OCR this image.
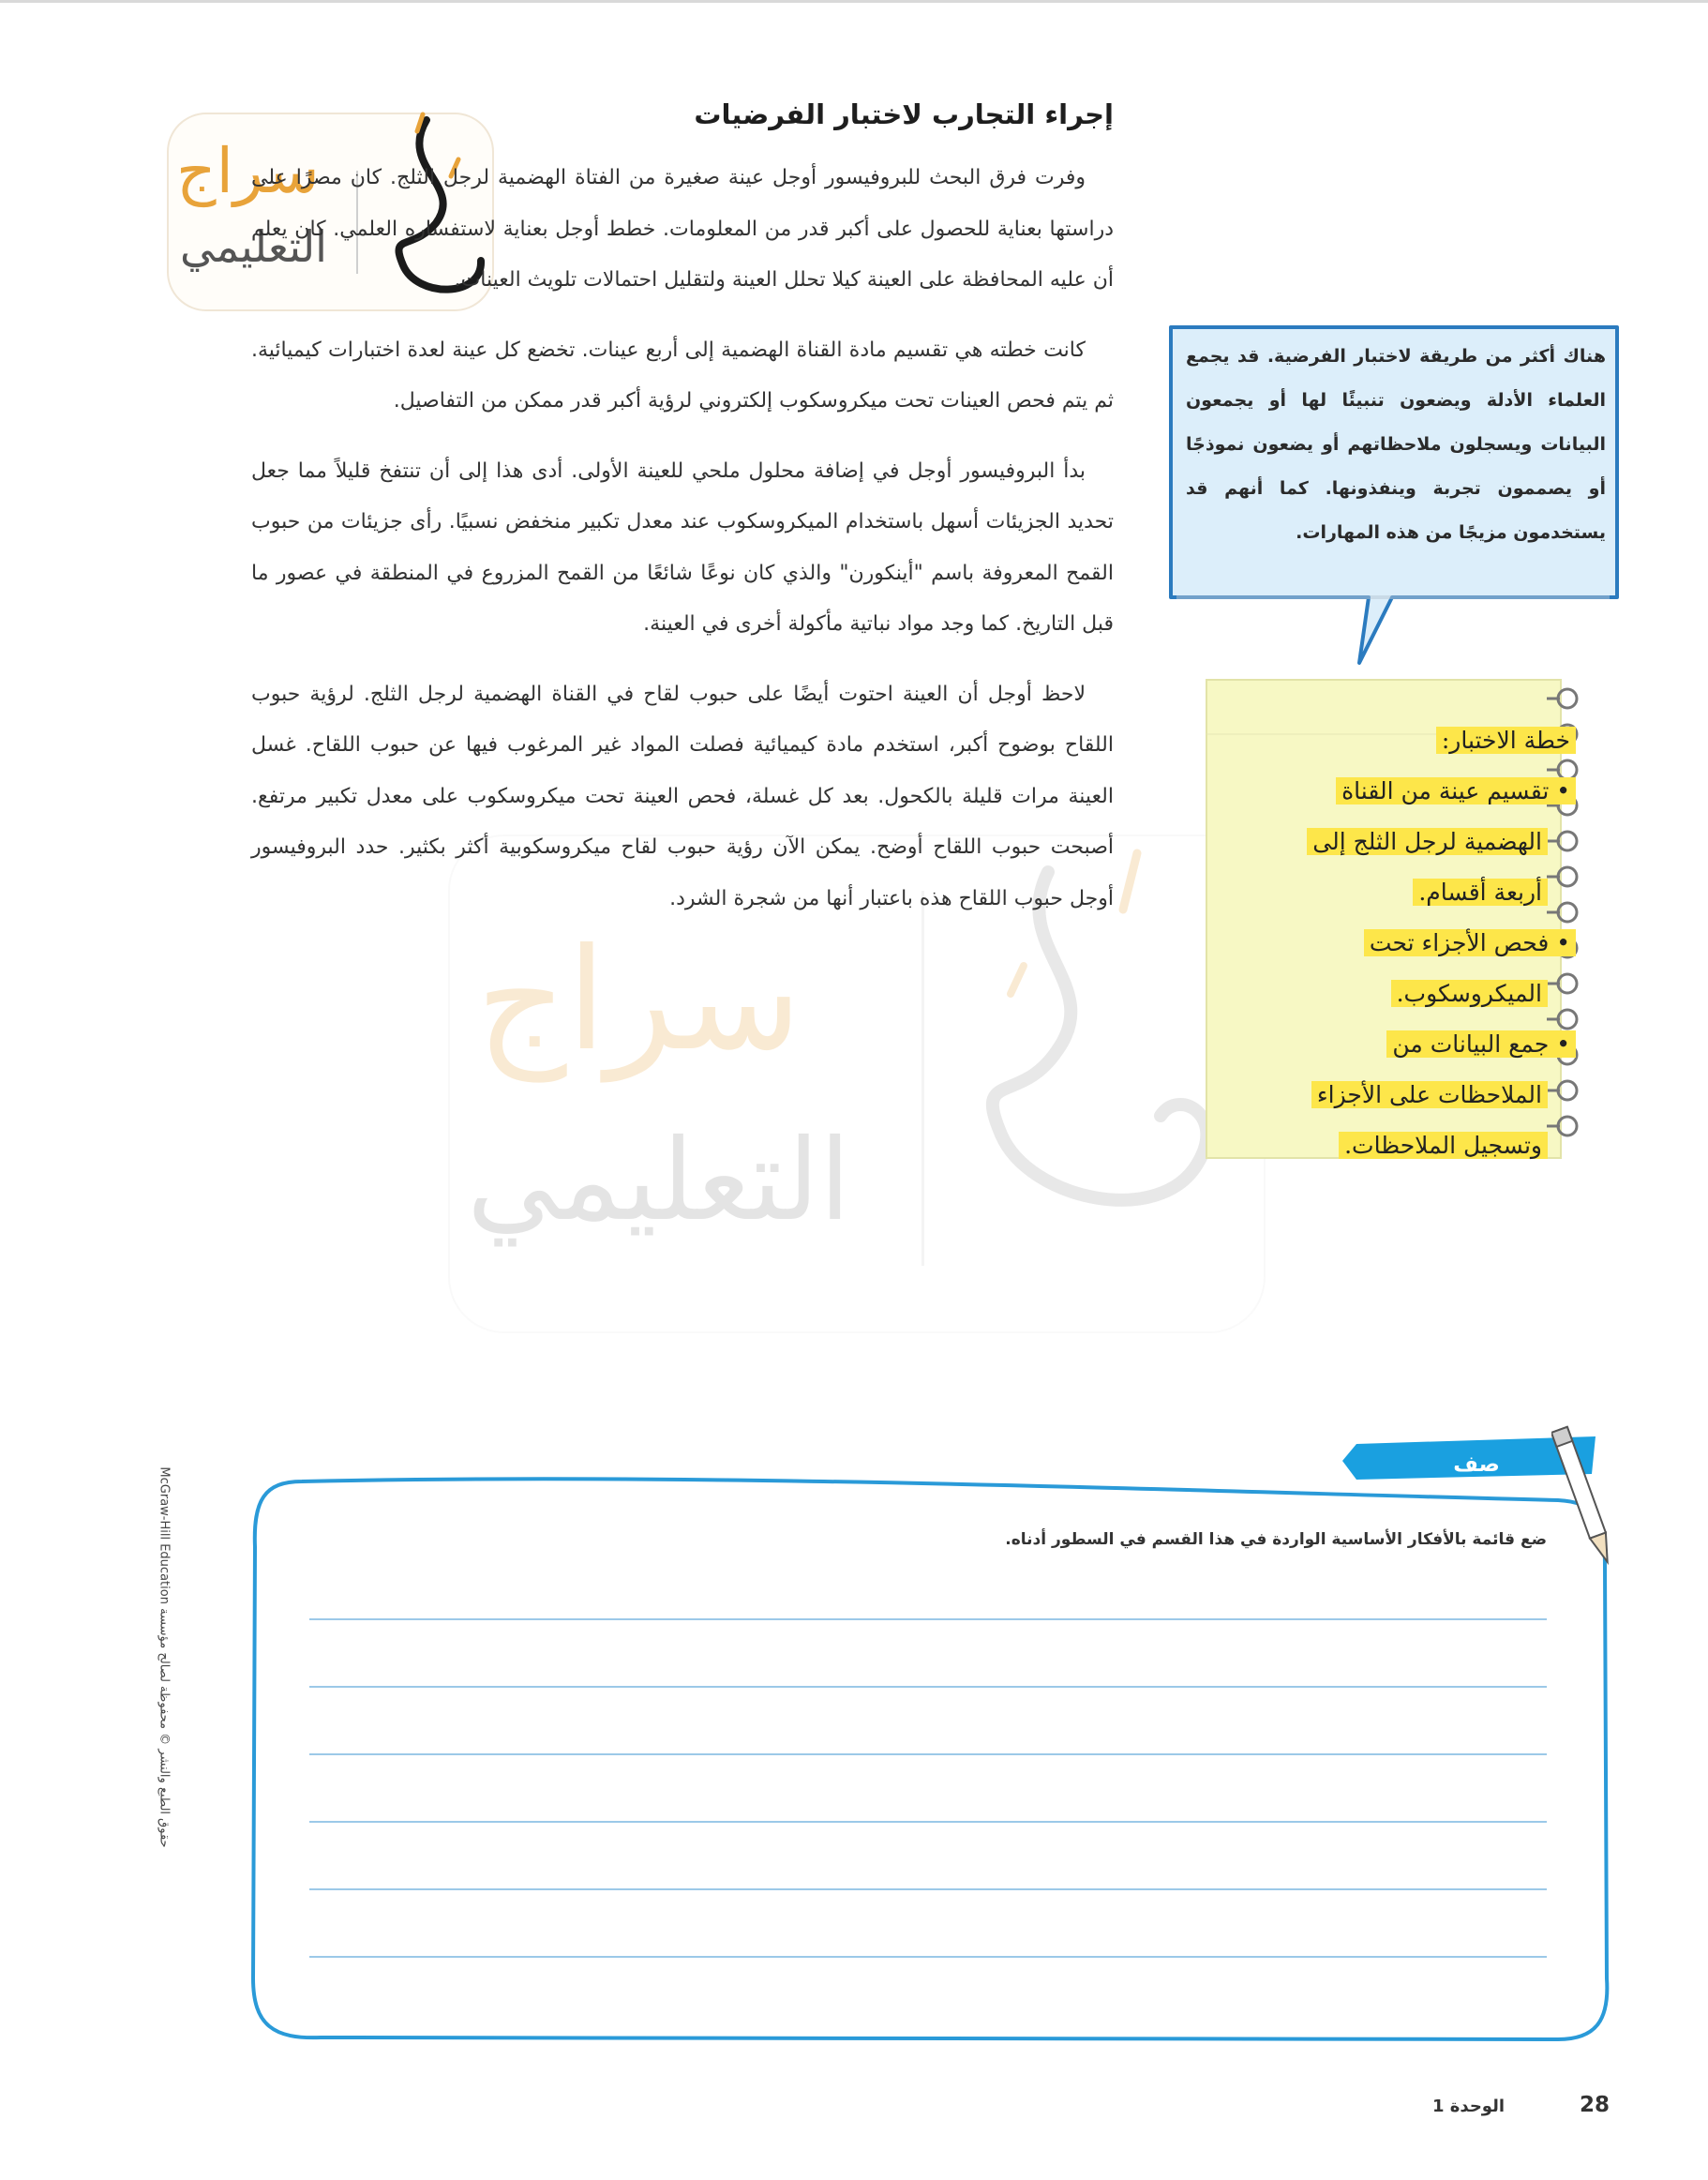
سراج
التعليمي
سراج
التعليمي
إجراء التجارب لاختبار الفرضيات

وفرت فرق البحث للبروفيسور أوجل عينة صغيرة من الفتاة الهضمية لرجل الثلج. كان مصرًا على دراستها بعناية للحصول على أكبر قدر من المعلومات. خطط أوجل بعناية لاستفساره العلمي. كان يعلم أن عليه المحافظة على العينة كيلا تحلل العينة ولتقليل احتمالات تلويث العينات.

كانت خطته هي تقسيم مادة القناة الهضمية إلى أربع عينات. تخضع كل عينة لعدة اختبارات كيميائية. ثم يتم فحص العينات تحت ميكروسكوب إلكتروني لرؤية أكبر قدر ممكن من التفاصيل.

بدأ البروفيسور أوجل في إضافة محلول ملحي للعينة الأولى. أدى هذا إلى أن تنتفخ قليلاً مما جعل تحديد الجزيئات أسهل باستخدام الميكروسكوب عند معدل تكبير منخفض نسبيًا. رأى جزيئات من حبوب القمح المعروفة باسم "أينكورن" والذي كان نوعًا شائعًا من القمح المزروع في المنطقة في عصور ما قبل التاريخ. كما وجد مواد نباتية مأكولة أخرى في العينة.

لاحظ أوجل أن العينة احتوت أيضًا على حبوب لقاح في القناة الهضمية لرجل الثلج. لرؤية حبوب اللقاح بوضوح أكبر، استخدم مادة كيميائية فصلت المواد غير المرغوب فيها عن حبوب اللقاح. غسل العينة مرات قليلة بالكحول. بعد كل غسلة، فحص العينة تحت ميكروسكوب على معدل تكبير مرتفع. أصبحت حبوب اللقاح أوضح. يمكن الآن رؤية حبوب لقاح ميكروسكوبية أكثر بكثير. حدد البروفيسور أوجل حبوب اللقاح هذه باعتبار أنها من شجرة الشرد.

هناك أكثر من طريقة لاختبار الفرضية. قد يجمع العلماء الأدلة ويضعون تنبيئًا لها أو يجمعون البيانات ويسجلون ملاحظاتهم أو يضعون نموذجًا أو يصممون تجربة وينفذونها. كما أنهم قد يستخدمون مزيجًا من هذه المهارات.
خطة الاختبار:
• تقسيم عينة من القناة
الهضمية لرجل الثلج إلى
أربعة أقسام.
• فحص الأجزاء تحت
الميكروسكوب.
• جمع البيانات من
الملاحظات على الأجزاء
وتسجيل الملاحظات.
صف
ضع قائمة بالأفكار الأساسية الواردة في هذا القسم في السطور أدناه.
حقوق الطبع والنشر © محفوظة لصالح مؤسسة McGraw-Hill Education
الوحدة 1	28
